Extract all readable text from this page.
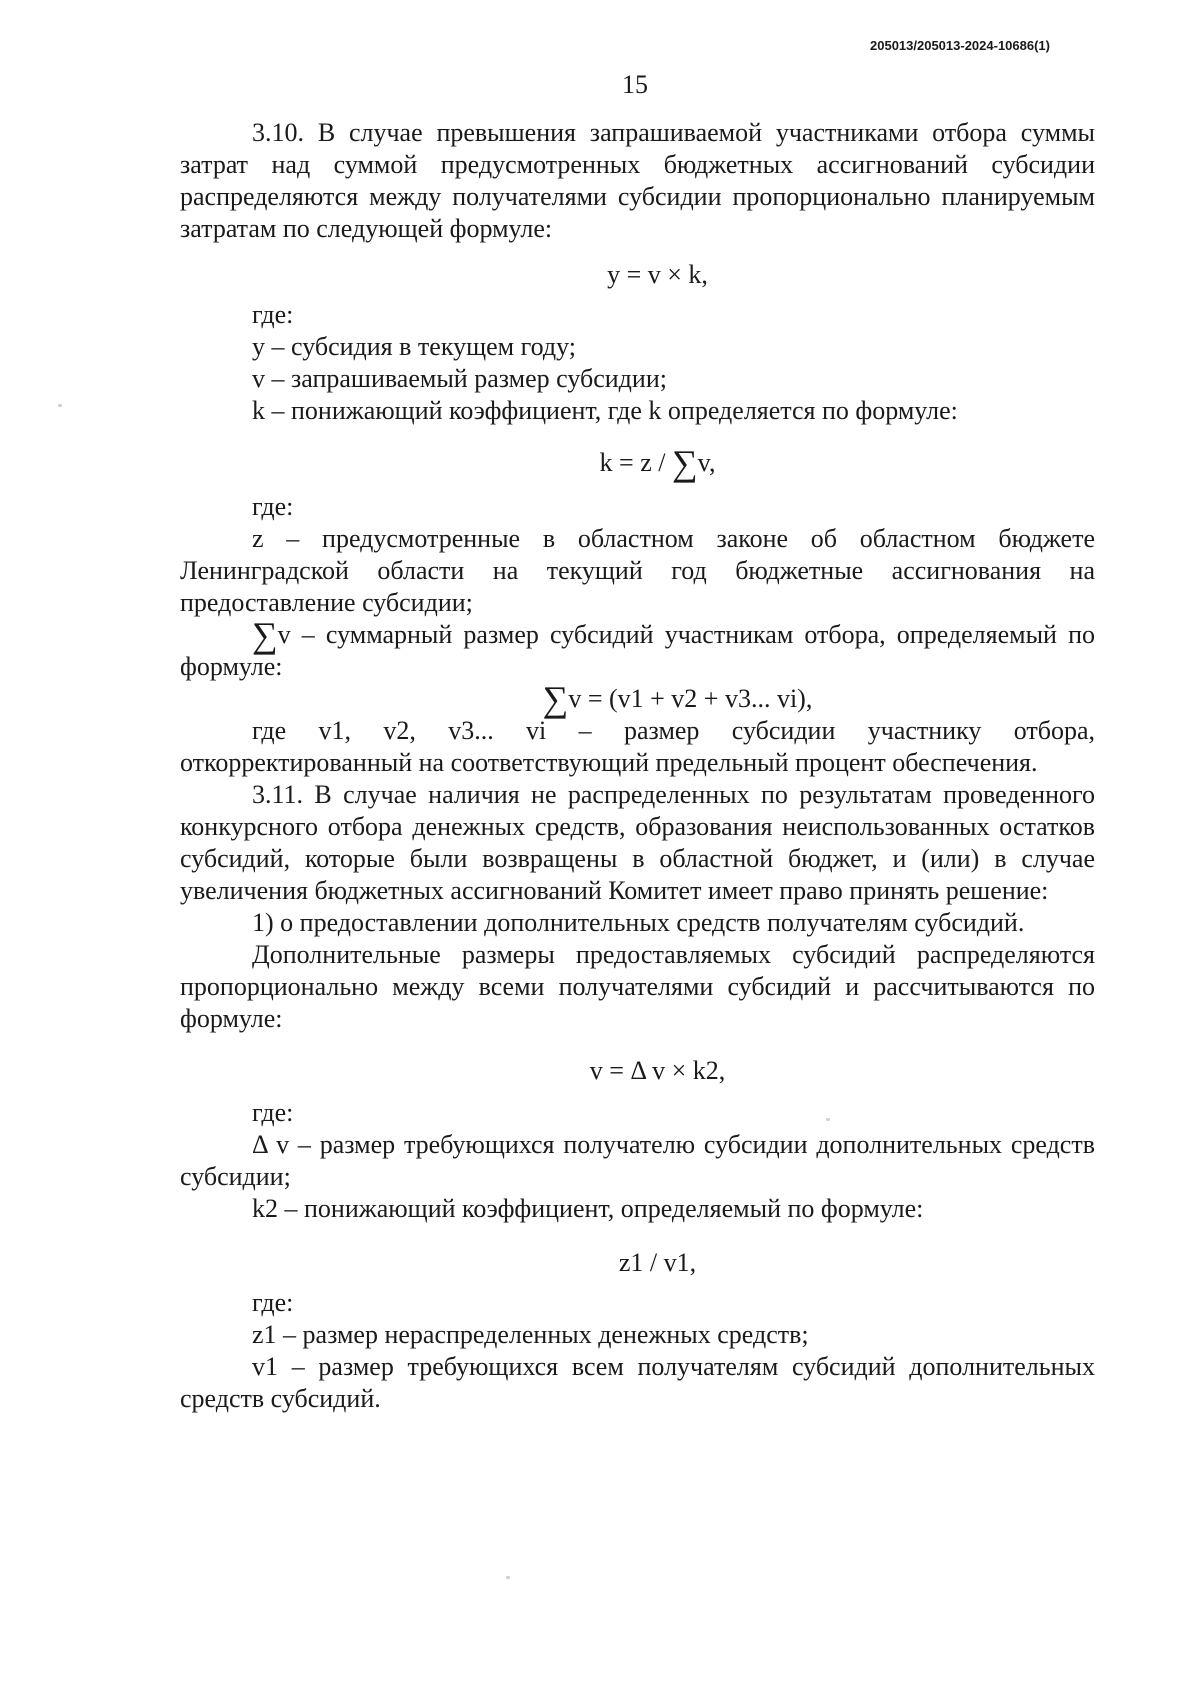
205013/205013-2024-10686(1)
15

3.10. В случае превышения запрашиваемой участниками отбора суммы затрат над суммой предусмотренных бюджетных ассигнований субсидии распределяются между получателями субсидии пропорционально планируемым затратам по следующей формуле:

y = v × k,

где:

y – субсидия в текущем году;

v – запрашиваемый размер субсидии;

k – понижающий коэффициент, где k определяется по формуле:

k = z / ∑v,

где:

z – предусмотренные в областном законе об областном бюджете Ленинградской области на текущий год бюджетные ассигнования на предоставление субсидии;

∑v – суммарный размер субсидий участникам отбора, определяемый по формуле:

∑v = (v1 + v2 + v3... vi),

где v1, v2, v3... vi – размер субсидии участнику отбора, откорректированный на соответствующий предельный процент обеспечения.

3.11. В случае наличия не распределенных по результатам проведенного конкурсного отбора денежных средств, образования неиспользованных остатков субсидий, которые были возвращены в областной бюджет, и (или) в случае увеличения бюджетных ассигнований Комитет имеет право принять решение:

1) о предоставлении дополнительных средств получателям субсидий.

Дополнительные размеры предоставляемых субсидий распределяются пропорционально между всеми получателями субсидий и рассчитываются по формуле:

v = Δ v × k2,

где:

Δ v – размер требующихся получателю субсидии дополнительных средств субсидии;

k2 – понижающий коэффициент, определяемый по формуле:

z1 / v1,

где:

z1 – размер нераспределенных денежных средств;

v1 – размер требующихся всем получателям субсидий дополнительных средств субсидий.
